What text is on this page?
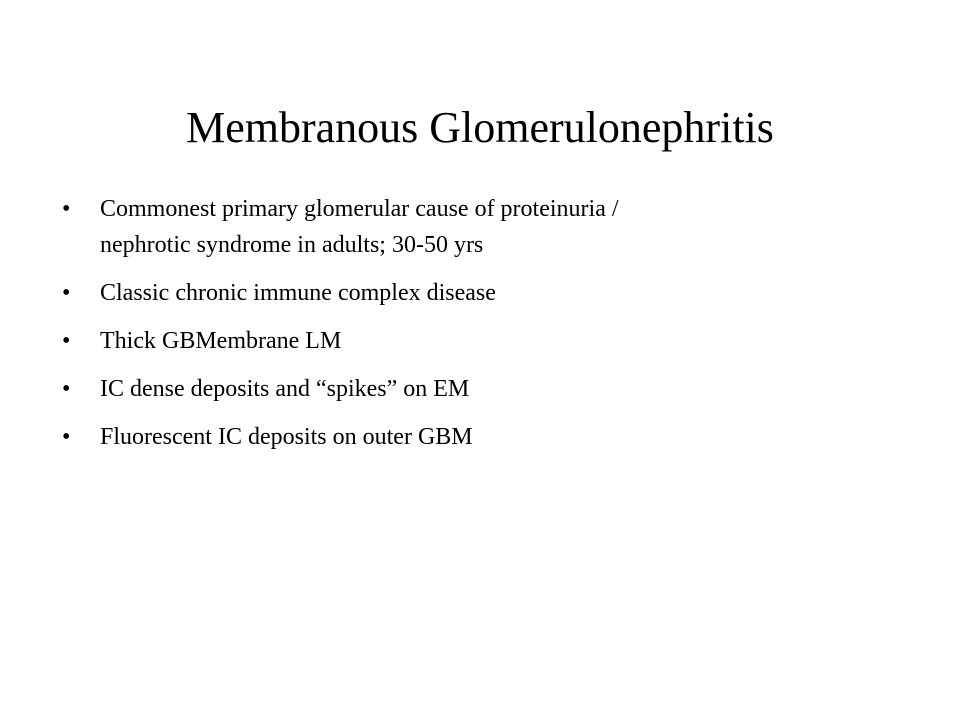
Membranous Glomerulonephritis
•	Commonest primary glomerular cause of proteinuria /
nephrotic syndrome in adults; 30-50 yrs
•	Classic chronic immune complex disease
•	Thick GBMembrane LM
•	IC dense deposits and “spikes” on EM
•	Fluorescent IC deposits on outer GBM
